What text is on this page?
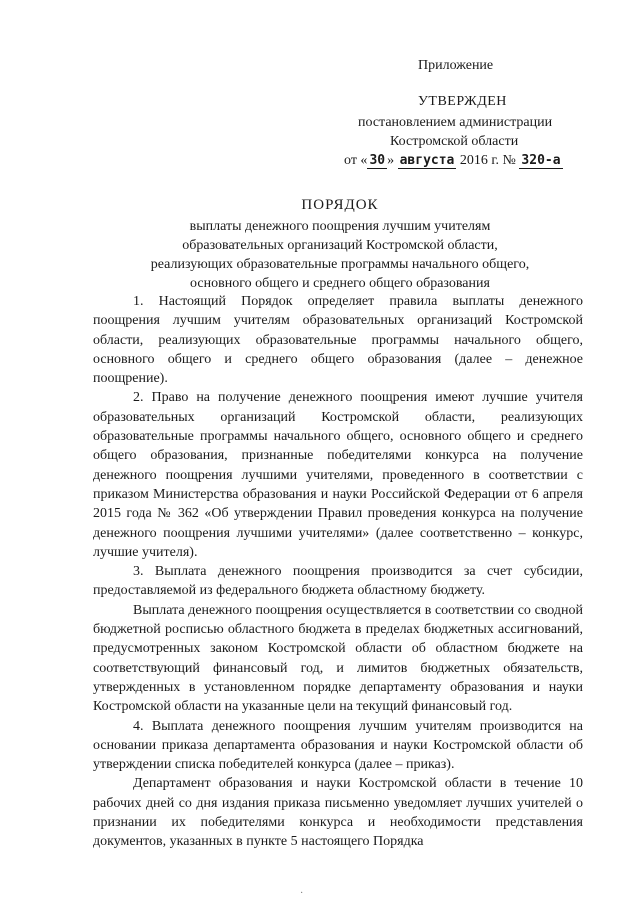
Приложение
УТВЕРЖДЕН
постановлением администрации
Костромской области
от « 30 » августа 2016 г. № 320-а
ПОРЯДОК
выплаты денежного поощрения лучшим учителям
образовательных организаций Костромской области,
реализующих образовательные программы начального общего,
основного общего и среднего общего образования

1. Настоящий Порядок определяет правила выплаты денежного поощрения лучшим учителям образовательных организаций Костромской области, реализующих образовательные программы начального общего, основного общего и среднего общего образования (далее – денежное поощрение).

2. Право на получение денежного поощрения имеют лучшие учителя образовательных организаций Костромской области, реализующих образовательные программы начального общего, основного общего и среднего общего образования, признанные победителями конкурса на получение денежного поощрения лучшими учителями, проведенного в соответствии с приказом Министерства образования и науки Российской Федерации от 6 апреля 2015 года № 362 «Об утверждении Правил проведения конкурса на получение денежного поощрения лучшими учителями» (далее соответственно – конкурс, лучшие учителя).

3. Выплата денежного поощрения производится за счет субсидии, предоставляемой из федерального бюджета областному бюджету.

Выплата денежного поощрения осуществляется в соответствии со сводной бюджетной росписью областного бюджета в пределах бюджетных ассигнований, предусмотренных законом Костромской области об областном бюджете на соответствующий финансовый год, и лимитов бюджетных обязательств, утвержденных в установленном порядке департаменту образования и науки Костромской области на указанные цели на текущий финансовый год.

4. Выплата денежного поощрения лучшим учителям производится на основании приказа департамента образования и науки Костромской области об утверждении списка победителей конкурса (далее – приказ).

Департамент образования и науки Костромской области в течение 10 рабочих дней со дня издания приказа письменно уведомляет лучших учителей о признании их победителями конкурса и необходимости представления документов, указанных в пункте 5 настоящего Порядка

·
